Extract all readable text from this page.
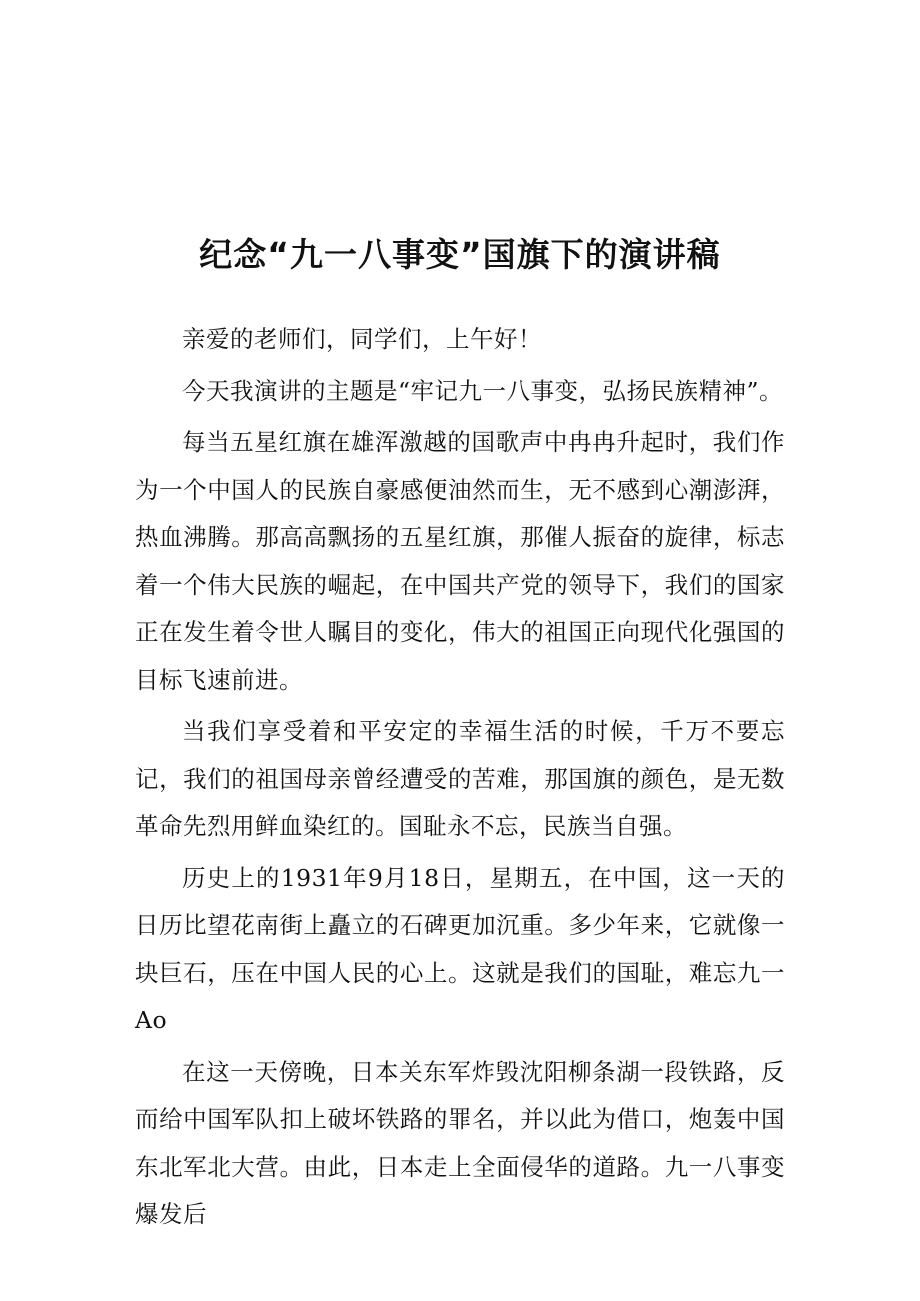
纪念“九一八事变”国旗下的演讲稿

亲爱的老师们，同学们，上午好！

今天我演讲的主题是“牢记九一八事变，弘扬民族精神”。

每当五星红旗在雄浑激越的国歌声中冉冉升起时，我们作为一个中国人的民族自豪感便油然而生，无不感到心潮澎湃，热血沸腾。那高高飘扬的五星红旗，那催人振奋的旋律，标志着一个伟大民族的崛起，在中国共产党的领导下，我们的国家正在发生着令世人瞩目的变化，伟大的祖国正向现代化强国的目标飞速前进。

当我们享受着和平安定的幸福生活的时候，千万不要忘记，我们的祖国母亲曾经遭受的苦难，那国旗的颜色，是无数革命先烈用鲜血染红的。国耻永不忘，民族当自强。

历史上的1931年9月18日，星期五，在中国，这一天的日历比望花南街上矗立的石碑更加沉重。多少年来，它就像一块巨石，压在中国人民的心上。这就是我们的国耻，难忘九一Ao

在这一天傍晚，日本关东军炸毁沈阳柳条湖一段铁路，反而给中国军队扣上破坏铁路的罪名，并以此为借口，炮轰中国东北军北大营。由此，日本走上全面侵华的道路。九一八事变爆发后
